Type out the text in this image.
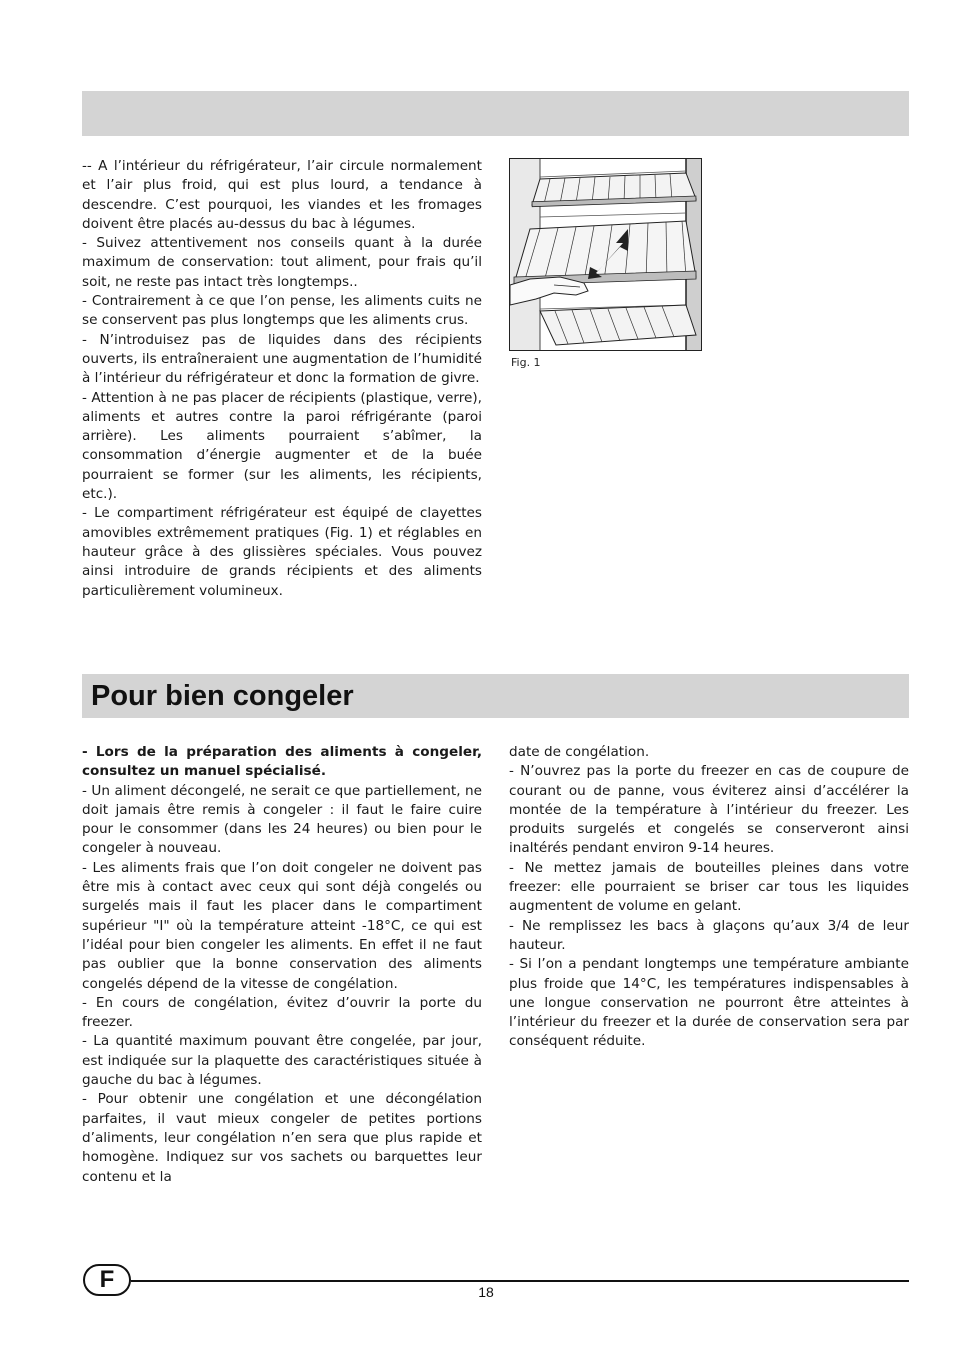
-- A l’intérieur du réfrigérateur, l’air circule normalement et l’air plus froid, qui est plus lourd, a tendance à descendre. C’est pourquoi, les viandes et les fromages doivent être placés au-dessus du bac à légumes.

- Suivez attentivement nos conseils quant à la durée maximum de conservation: tout aliment, pour frais qu’il soit, ne reste pas intact très longtemps..

- Contrairement à ce que l’on pense, les aliments cuits ne se conservent pas plus longtemps que les aliments crus.

- N’introduisez pas de liquides dans des récipients ouverts, ils entraîneraient une augmentation de l’humidité à l’intérieur du réfrigérateur et donc la formation de givre.

- Attention à ne pas placer de récipients (plastique, verre), aliments et autres contre la paroi réfrigérante (paroi arrière). Les aliments pourraient s’abîmer, la consommation d’énergie augmenter et de la buée pourraient se former (sur les aliments, les récipients, etc.).

- Le compartiment réfrigérateur est équipé de clayettes amovibles extrêmement pratiques (Fig. 1) et réglables en hauteur grâce à des glissières spéciales. Vous pouvez ainsi introduire de grands récipients et des aliments particulièrement volumineux.

Fig. 1
Pour bien congeler

- Lors de la préparation des aliments à congeler, consultez un manuel spécialisé.

- Un aliment décongelé, ne serait ce que partiellement, ne doit jamais être remis à congeler : il faut le faire cuire pour le consommer (dans les 24 heures) ou bien pour le congeler à nouveau.

- Les aliments frais que l’on doit congeler ne doivent pas être mis à contact avec ceux qui sont déjà congelés ou surgelés mais il faut les placer dans le compartiment supérieur "I" où la température atteint -18°C, ce qui est l’idéal pour bien congeler les aliments. En effet il ne faut pas oublier que la bonne conservation des aliments congelés dépend de la vitesse de congélation.

- En cours de congélation, évitez d’ouvrir la porte du freezer.

- La quantité maximum pouvant être congelée, par jour, est indiquée sur la plaquette des caractéristiques située à gauche du bac à légumes.

- Pour obtenir une congélation et une décongélation parfaites, il vaut mieux congeler de petites portions d’aliments, leur congélation n’en sera que plus rapide et homogène. Indiquez sur vos sachets ou barquettes leur contenu et la

date de congélation.

- N’ouvrez pas la porte du freezer en cas de coupure de courant ou de panne, vous éviterez ainsi d’accélérer la montée de la température à l’intérieur du freezer. Les produits surgelés et congelés se conserveront ainsi inaltérés pendant environ 9-14 heures.

- Ne mettez jamais de bouteilles pleines dans votre freezer: elle pourraient se briser car tous les liquides augmentent de volume en gelant.

- Ne remplissez les bacs à glaçons qu’aux 3/4 de leur hauteur.

- Si l’on a pendant longtemps une température ambiante plus froide que 14°C, les températures indispensables à une longue conservation ne pourront être atteintes à l’intérieur du freezer et la durée de conservation sera par conséquent réduite.

F	18
